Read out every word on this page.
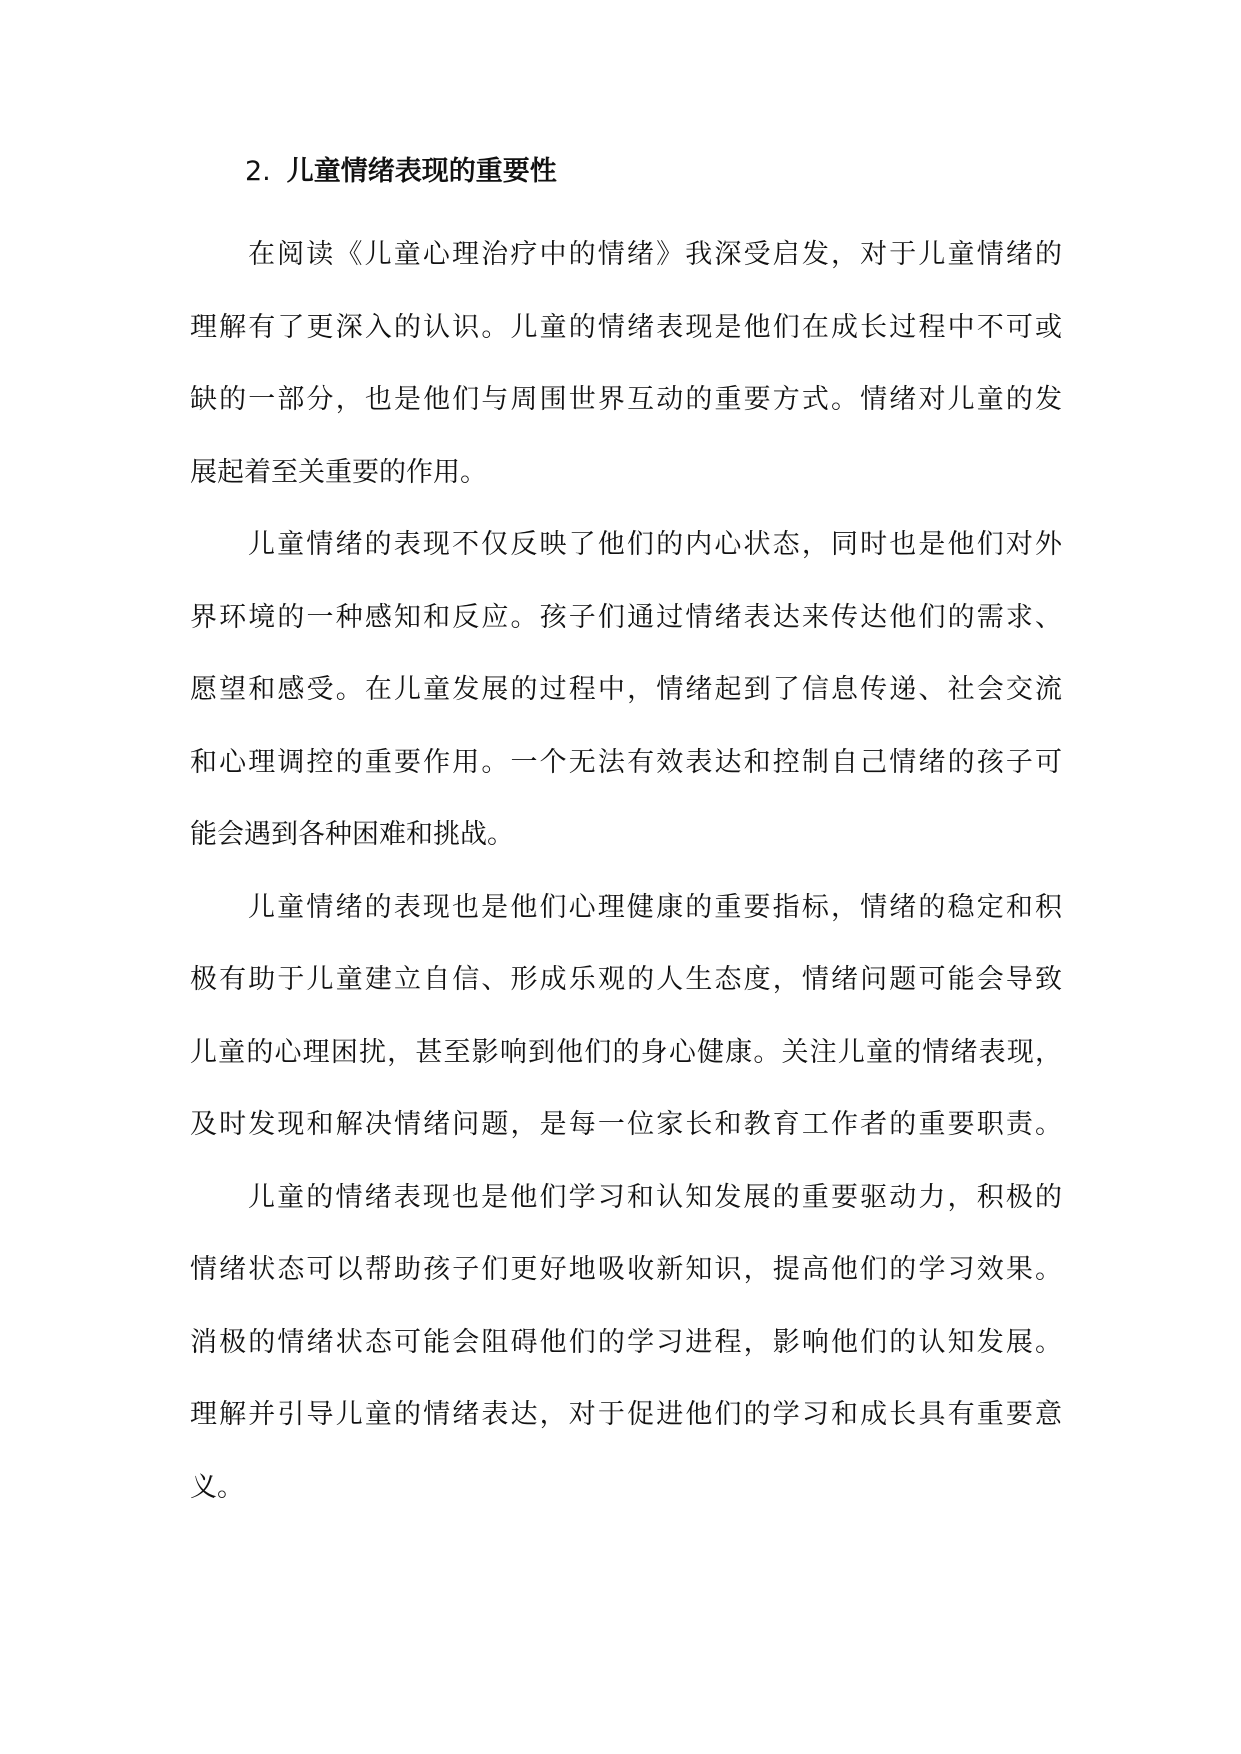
2. 儿童情绪表现的重要性

在阅读《儿童心理治疗中的情绪》我深受启发，对于儿童情绪的
理解有了更深入的认识。儿童的情绪表现是他们在成长过程中不可或
缺的一部分，也是他们与周围世界互动的重要方式。情绪对儿童的发
展起着至关重要的作用。

儿童情绪的表现不仅反映了他们的内心状态，同时也是他们对外
界环境的一种感知和反应。孩子们通过情绪表达来传达他们的需求、
愿望和感受。在儿童发展的过程中，情绪起到了信息传递、社会交流
和心理调控的重要作用。一个无法有效表达和控制自己情绪的孩子可
能会遇到各种困难和挑战。

儿童情绪的表现也是他们心理健康的重要指标，情绪的稳定和积
极有助于儿童建立自信、形成乐观的人生态度，情绪问题可能会导致
儿童的心理困扰，甚至影响到他们的身心健康。关注儿童的情绪表现，
及时发现和解决情绪问题，是每一位家长和教育工作者的重要职责。

儿童的情绪表现也是他们学习和认知发展的重要驱动力，积极的
情绪状态可以帮助孩子们更好地吸收新知识，提高他们的学习效果。
消极的情绪状态可能会阻碍他们的学习进程，影响他们的认知发展。
理解并引导儿童的情绪表达，对于促进他们的学习和成长具有重要意
义。
